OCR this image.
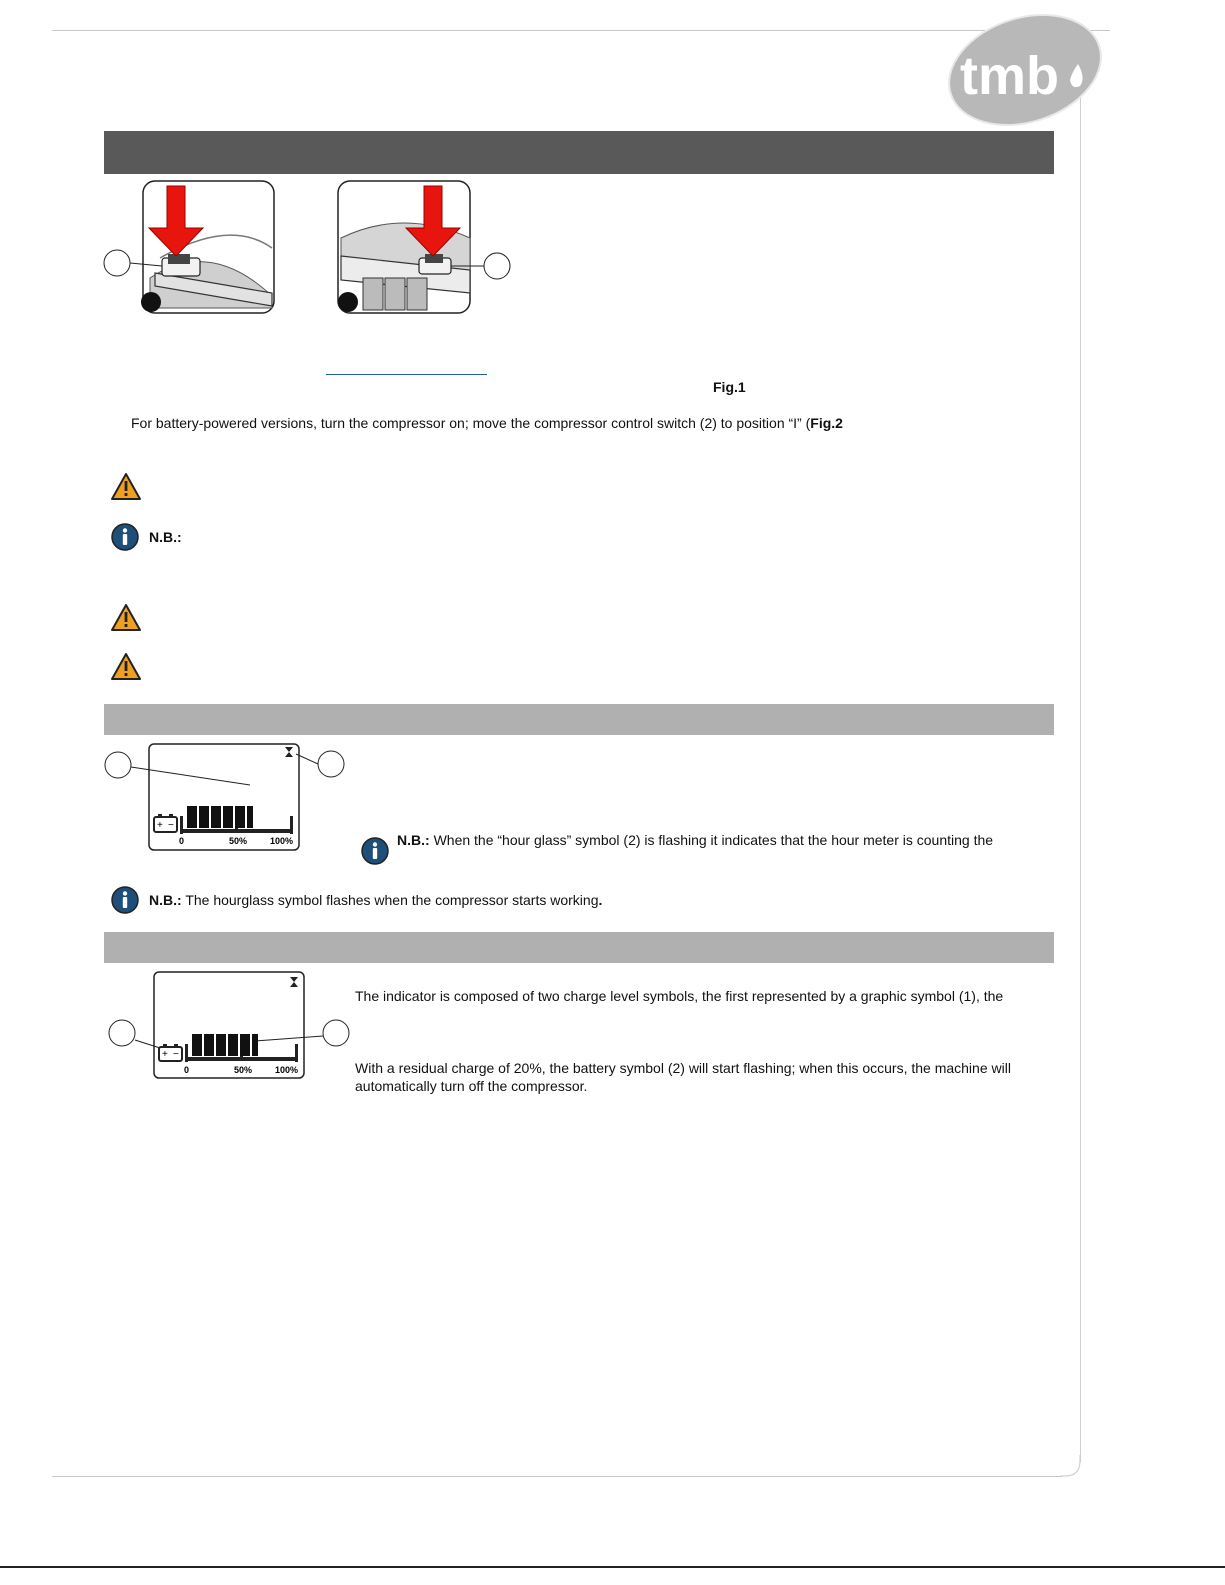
tmb
Fig.1
For battery-powered versions, turn the compressor on; move the compressor control switch (2) to position “I” (Fig.2
N.B.:
+ −
0	50%	100%	N.B.: When the “hour glass” symbol (2) is flashing it indicates that the hour meter is counting the
N.B.: The hourglass symbol flashes when the compressor starts working.
+ −
0	50%	100%
The indicator is composed of two charge level symbols, the first represented by a graphic symbol (1), the
With a residual charge of 20%, the battery symbol (2) will start flashing; when this occurs, the machine will
automatically turn off the compressor.
